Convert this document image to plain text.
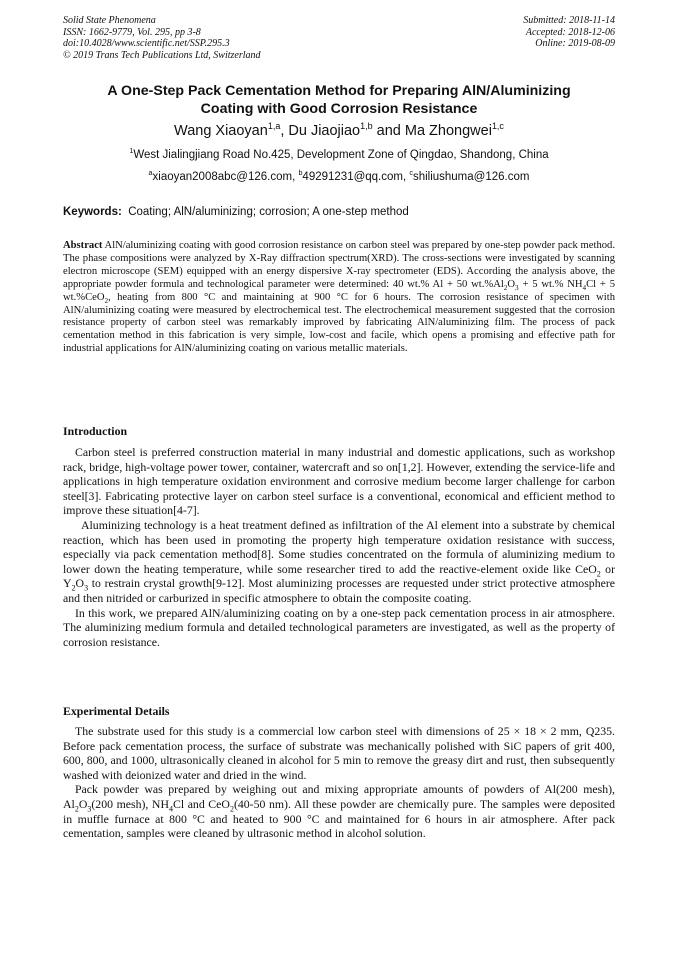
Solid State Phenomena
ISSN: 1662-9779, Vol. 295, pp 3-8
doi:10.4028/www.scientific.net/SSP.295.3
© 2019 Trans Tech Publications Ltd, Switzerland
Submitted: 2018-11-14
Accepted: 2018-12-06
Online: 2019-08-09
A One-Step Pack Cementation Method for Preparing AlN/Aluminizing
Coating with Good Corrosion Resistance
Wang Xiaoyan$^{1,a}$, Du Jiaojiao$^{1,b}$ and Ma Zhongwei$^{1,c}$
$^1$West Jialingjiang Road No.425, Development Zone of Qingdao, Shandong, China
$^a$xiaoyan2008abc@126.com, $^b$49291231@qq.com, $^c$shiliushuma@126.com
Keywords: Coating; AlN/aluminizing; corrosion; A one-step method
Abstract AlN/aluminizing coating with good corrosion resistance on carbon steel was prepared by one-step powder pack method. The phase compositions were analyzed by X-Ray diffraction spectrum(XRD). The cross-sections were investigated by scanning electron microscope (SEM) equipped with an energy dispersive X-ray spectrometer (EDS). According the analysis above, the appropriate powder formula and technological parameter were determined: 40 wt.% Al + 50 $wt.\%Al_2O_3 + 5$ wt.% $NH_4Cl + 5$ wt.%CeO$_2$, heating from 800 °C and maintaining at 900 °C for 6 hours. The corrosion resistance of specimen with AlN/aluminizing coating were measured by electrochemical test. The electrochemical measurement suggested that the corrosion resistance property of carbon steel was remarkably improved by fabricating AlN/aluminizing film. The process of pack cementation method in this fabrication is very simple, low-cost and facile, which opens a promising and effective path for industrial applications for AlN/aluminizing coating on various metallic materials.
Introduction

Carbon steel is preferred construction material in many industrial and domestic applications, such as workshop rack, bridge, high-voltage power tower, container, watercraft and so on[1,2]. However, extending the service-life and applications in high temperature oxidation environment and corrosive medium become larger challenge for carbon steel[3]. Fabricating protective layer on carbon steel surface is a conventional, economical and efficient method to improve these situation[4-7].

Aluminizing technology is a heat treatment defined as infiltration of the Al element into a substrate by chemical reaction, which has been used in promoting the property high temperature oxidation resistance with success, especially via pack cementation method[8]. Some studies concentrated on the formula of aluminizing medium to lower down the heating temperature, while some researcher tired to add the reactive-element oxide like CeO$_2$ or $Y_2O_3$ to restrain crystal growth[9-12]. Most aluminizing processes are requested under strict protective atmosphere and then nitrided or carburized in specific atmosphere to obtain the composite coating.

In this work, we prepared AlN/aluminizing coating on by a one-step pack cementation process in air atmosphere. The aluminizing medium formula and detailed technological parameters are investigated, as well as the property of corrosion resistance.

Experimental Details

The substrate used for this study is a commercial low carbon steel with dimensions of 25 × 18 × 2 mm, Q235. Before pack cementation process, the surface of substrate was mechanically polished with SiC papers of grit 400, 600, 800, and 1000, ultrasonically cleaned in alcohol for 5 min to remove the greasy dirt and rust, then subsequently washed with deionized water and dried in the wind.

Pack powder was prepared by weighing out and mixing appropriate amounts of powders of Al(200 mesh), $Al_2O_3(200$ mesh), $NH_4Cl$ and CeO$_2$(40-50 nm). All these powder are chemically pure. The samples were deposited in muffle furnace at 800 °C and heated to 900 °C and maintained for 6 hours in air atmosphere. After pack cementation, samples were cleaned by ultrasonic method in alcohol solution.
